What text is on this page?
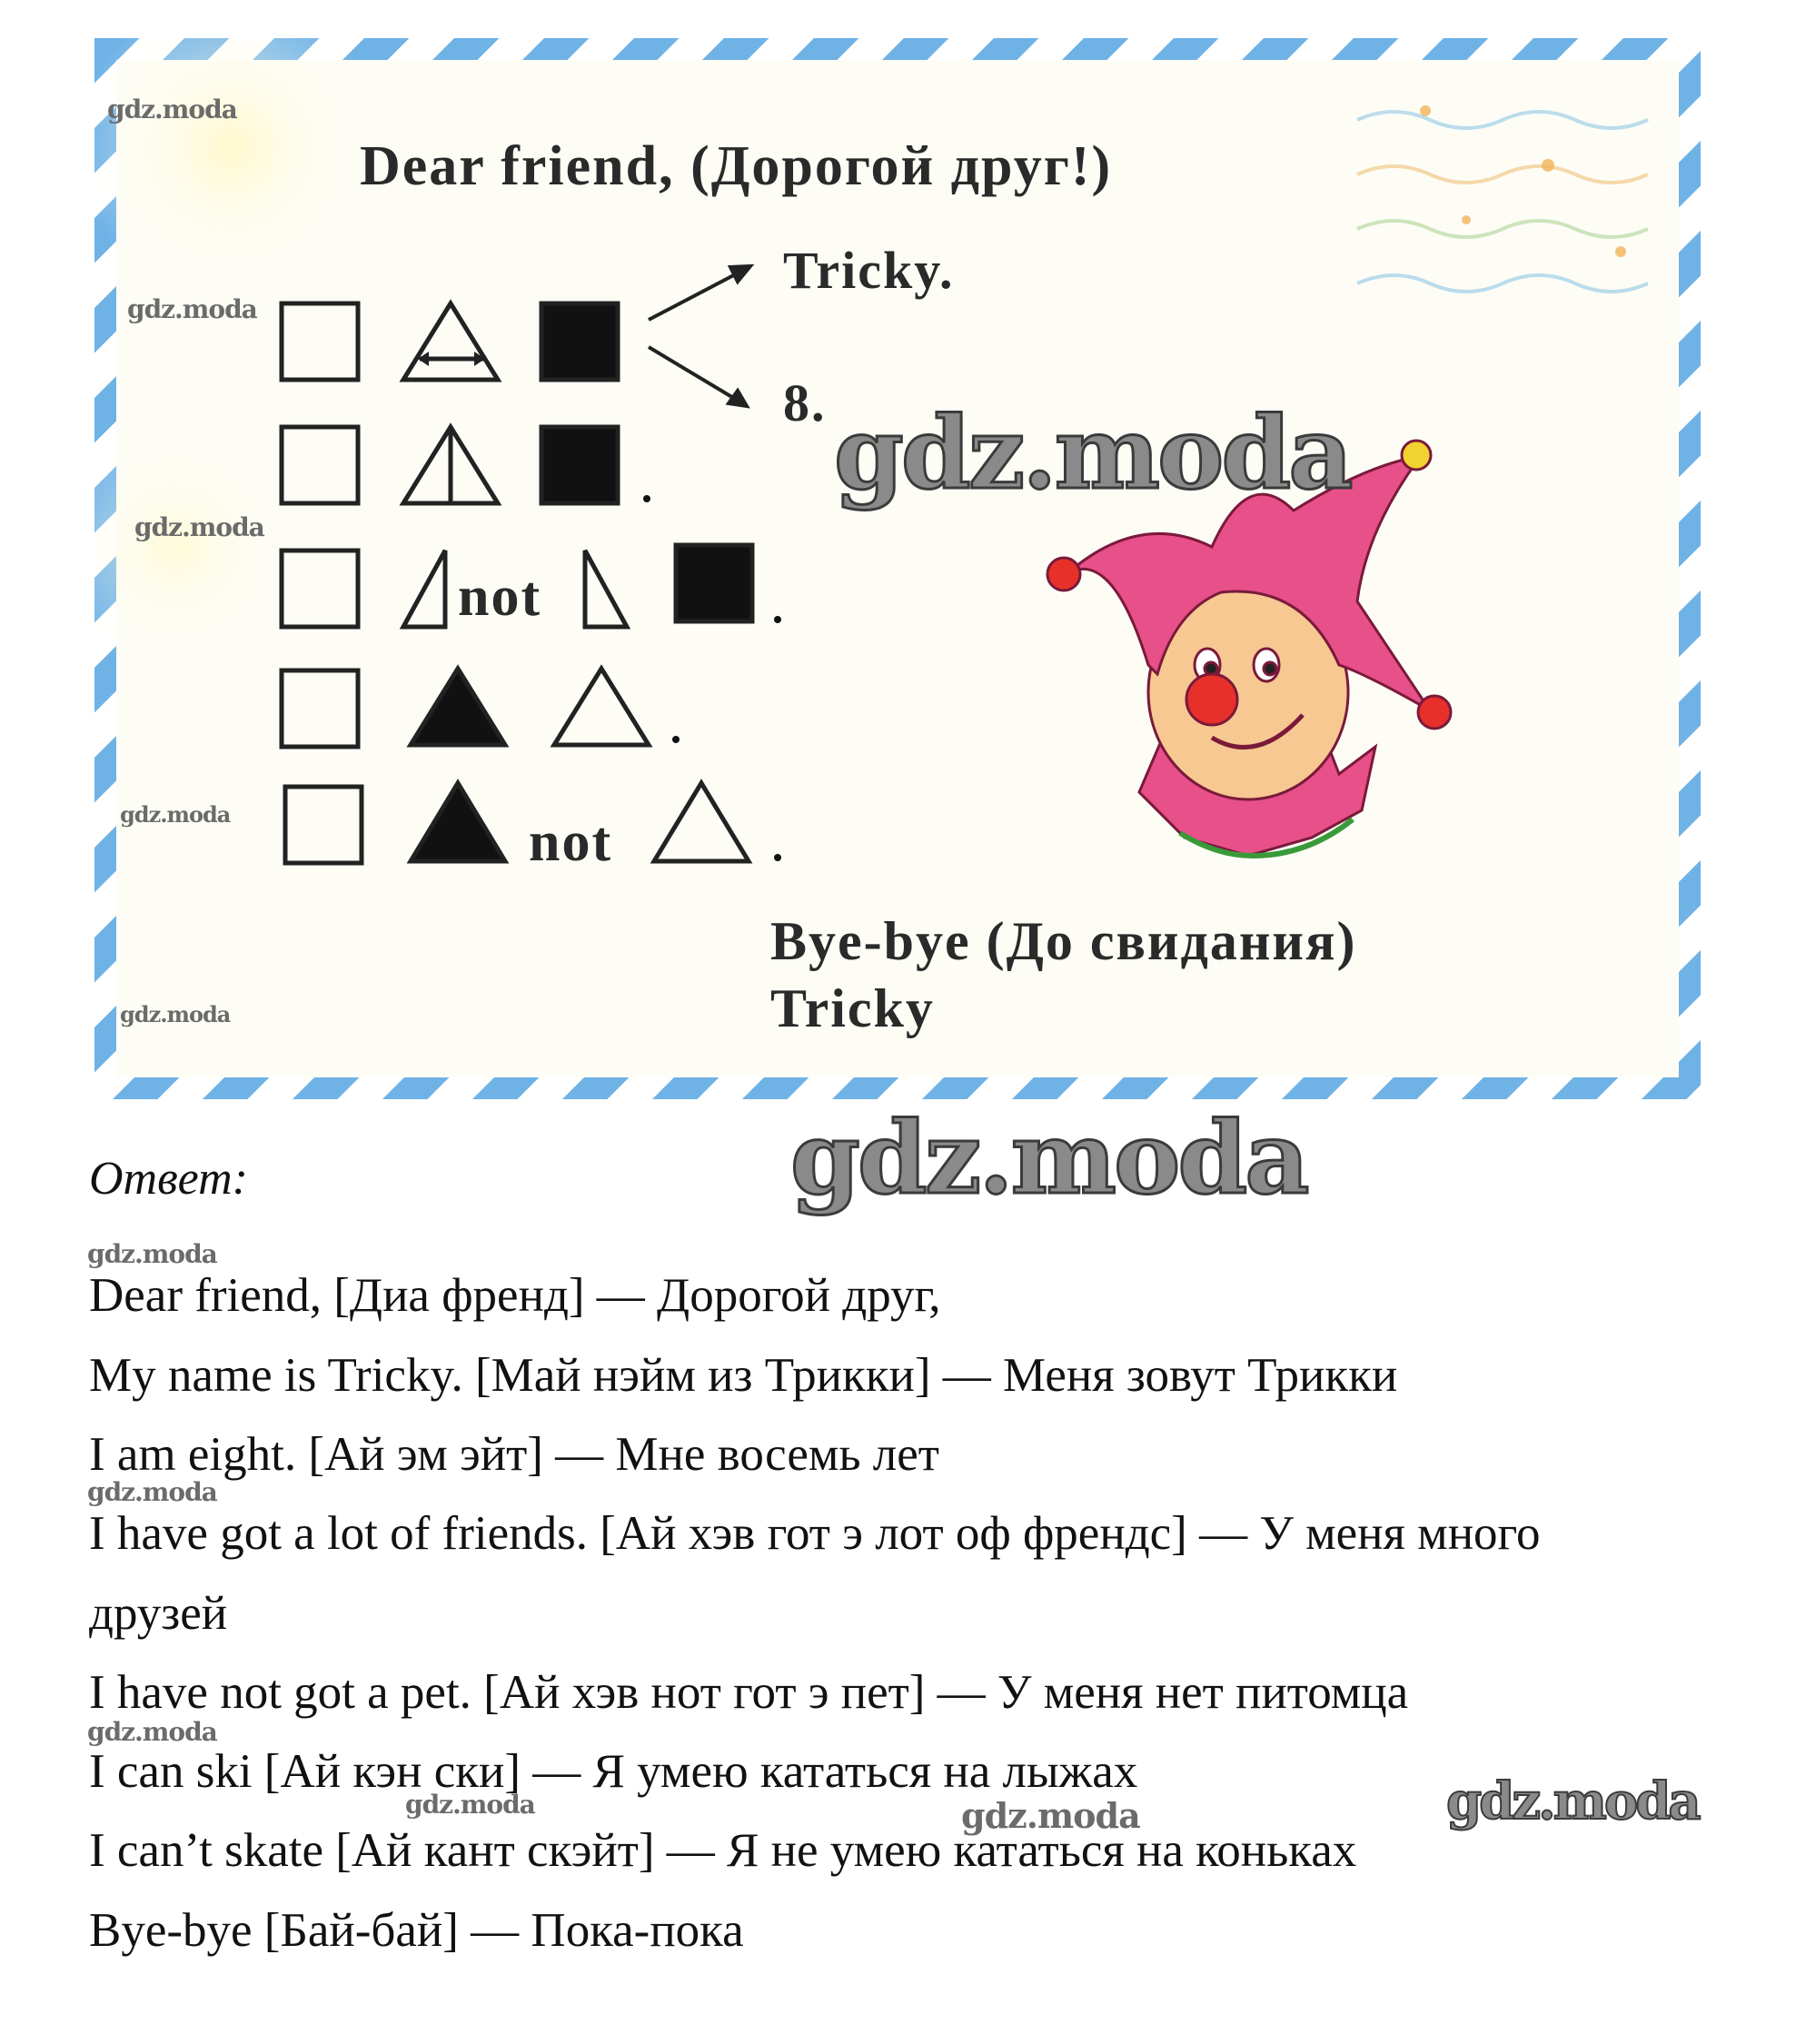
Dear friend, (Дорогой друг!)
Tricky.
8.
not
not
Bye-bye (До свидания)
Tricky
gdz.moda
gdz.moda
gdz.moda
gdz.moda
gdz.moda
gdz.moda
gdz.moda
Ответ:
gdz.moda
Dear friend, [Диа френд] — Дорогой друг,
My name is Tricky. [Май нэйм из Трикки] — Меня зовут Трикки
I am eight. [Ай эм эйт] — Мне восемь лет
gdz.moda
I have got a lot of friends. [Ай хэв гот э лот оф френдс] — У меня много
друзей
I have not got a pet. [Ай хэв нот гот э пет] — У меня нет питомца
gdz.moda
I can ski [Ай кэн ски] — Я умею кататься на лыжах
gdz.moda	gdz.moda	gdz.moda
I can’t skate [Ай кант скэйт] — Я не умею кататься на коньках
Bye-bye [Бай-бай] — Пока-пока
